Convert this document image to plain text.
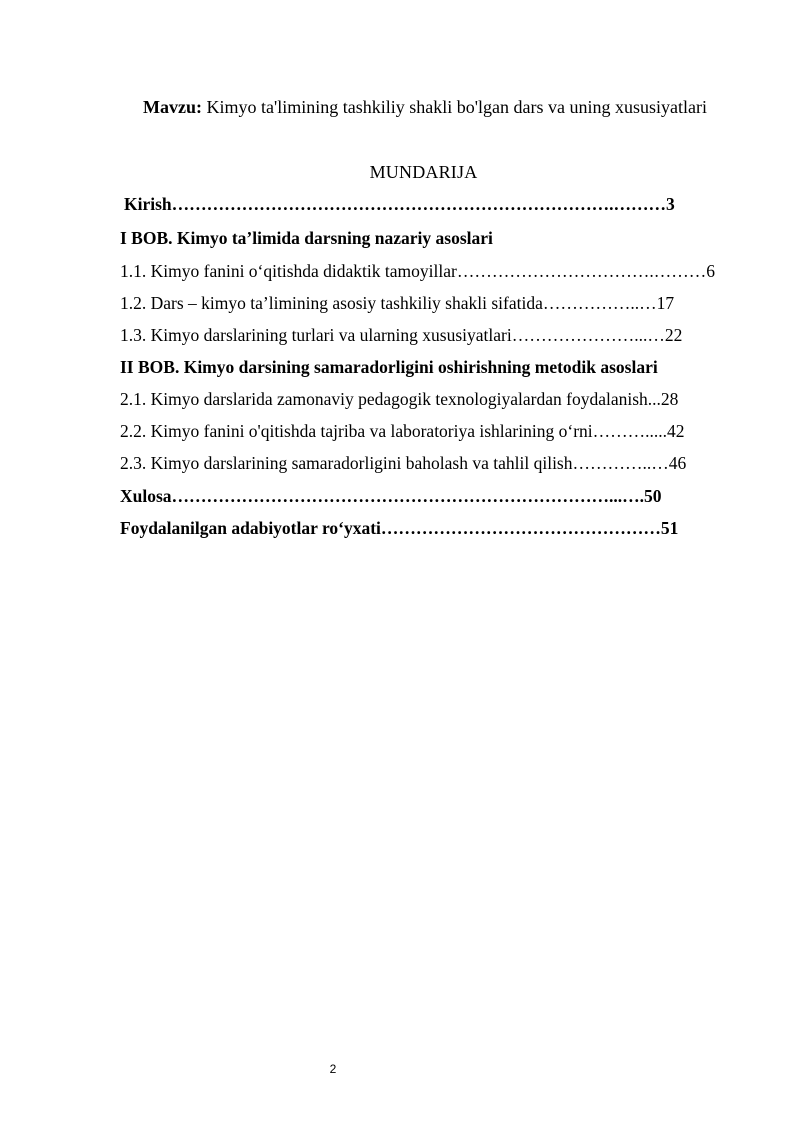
Mavzu: Kimyo ta'limining tashkiliy shakli bo'lgan dars va uning xususiyatlari
MUNDARIJA
Kirish………………………………………………………………….………3
I BOB. Kimyo ta’limida darsning nazariy asoslari
1.1. Kimyo fanini o‘qitishda didaktik tamoyillar…………………………….………6
1.2. Dars – kimyo ta’limining asosiy tashkiliy shakli sifatida……………..…17
1.3. Kimyo darslarining turlari va ularning xususiyatlari…………………...…22
II BOB. Kimyo darsining samaradorligini oshirishning metodik asoslari
2.1. Kimyo darslarida zamonaviy pedagogik texnologiyalardan foydalanish...28
2.2. Kimyo fanini o'qitishda tajriba va laboratoriya ishlarining o‘rni……….....42
2.3. Kimyo darslarining samaradorligini baholash va tahlil qilish…………..…46
Xulosa…………………………………………………………………...….50
Foydalanilgan adabiyotlar ro‘yxati…………………………………………51
2
